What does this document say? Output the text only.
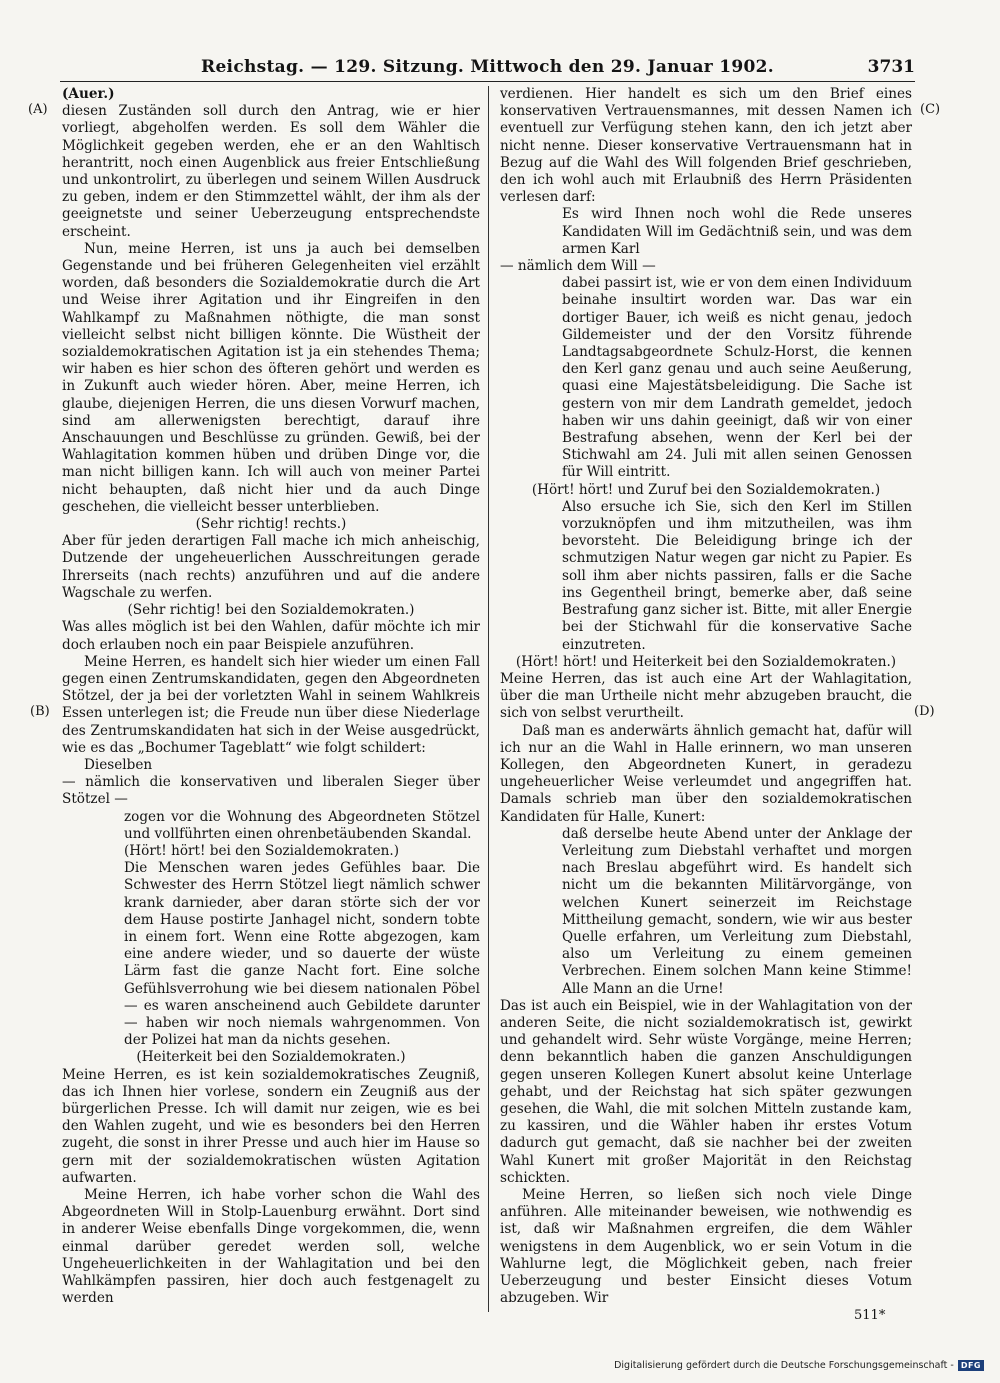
Reichstag. — 129. Sitzung. Mittwoch den 29. Januar 1902.	3731
(A)
(B)
(C)
(D)

(Auer.)

diesen Zuständen soll durch den Antrag, wie er hier vorliegt, abgeholfen werden. Es soll dem Wähler die Möglichkeit gegeben werden, ehe er an den Wahltisch herantritt, noch einen Augenblick aus freier Entschließung und unkontrolirt, zu überlegen und seinem Willen Ausdruck zu geben, indem er den Stimmzettel wählt, der ihm als der geeignetste und seiner Ueberzeugung entsprechendste erscheint.

Nun, meine Herren, ist uns ja auch bei demselben Gegenstande und bei früheren Gelegenheiten viel erzählt worden, daß besonders die Sozialdemokratie durch die Art und Weise ihrer Agitation und ihr Eingreifen in den Wahlkampf zu Maßnahmen nöthigte, die man sonst vielleicht selbst nicht billigen könnte. Die Wüstheit der sozialdemokratischen Agitation ist ja ein stehendes Thema; wir haben es hier schon des öfteren gehört und werden es in Zukunft auch wieder hören. Aber, meine Herren, ich glaube, diejenigen Herren, die uns diesen Vorwurf machen, sind am allerwenigsten berechtigt, darauf ihre Anschauungen und Beschlüsse zu gründen. Gewiß, bei der Wahlagitation kommen hüben und drüben Dinge vor, die man nicht billigen kann. Ich will auch von meiner Partei nicht behaupten, daß nicht hier und da auch Dinge geschehen, die vielleicht besser unterblieben.

(Sehr richtig! rechts.)

Aber für jeden derartigen Fall mache ich mich anheischig, Dutzende der ungeheuerlichen Ausschreitungen gerade Ihrerseits (nach rechts) anzuführen und auf die andere Wagschale zu werfen.

(Sehr richtig! bei den Sozialdemokraten.)

Was alles möglich ist bei den Wahlen, dafür möchte ich mir doch erlauben noch ein paar Beispiele anzuführen.

Meine Herren, es handelt sich hier wieder um einen Fall gegen einen Zentrumskandidaten, gegen den Abgeordneten Stötzel, der ja bei der vorletzten Wahl in seinem Wahlkreis Essen unterlegen ist; die Freude nun über diese Niederlage des Zentrumskandidaten hat sich in der Weise ausgedrückt, wie es das „Bochumer Tageblatt“ wie folgt schildert:

Dieselben

— nämlich die konservativen und liberalen Sieger über Stötzel —

zogen vor die Wohnung des Abgeordneten Stötzel und vollführten einen ohrenbetäubenden Skandal.

(Hört! hört! bei den Sozialdemokraten.)

Die Menschen waren jedes Gefühles baar. Die Schwester des Herrn Stötzel liegt nämlich schwer krank darnieder, aber daran störte sich der vor dem Hause postirte Janhagel nicht, sondern tobte in einem fort. Wenn eine Rotte abgezogen, kam eine andere wieder, und so dauerte der wüste Lärm fast die ganze Nacht fort. Eine solche Gefühlsverrohung wie bei diesem nationalen Pöbel — es waren anscheinend auch Gebildete darunter — haben wir noch niemals wahrgenommen. Von der Polizei hat man da nichts gesehen.

(Heiterkeit bei den Sozialdemokraten.)

Meine Herren, es ist kein sozialdemokratisches Zeugniß, das ich Ihnen hier vorlese, sondern ein Zeugniß aus der bürgerlichen Presse. Ich will damit nur zeigen, wie es bei den Wahlen zugeht, und wie es besonders bei den Herren zugeht, die sonst in ihrer Presse und auch hier im Hause so gern mit der sozialdemokratischen wüsten Agitation aufwarten.

Meine Herren, ich habe vorher schon die Wahl des Abgeordneten Will in Stolp-Lauenburg erwähnt. Dort sind in anderer Weise ebenfalls Dinge vorgekommen, die, wenn einmal darüber geredet werden soll, welche Ungeheuerlichkeiten in der Wahlagitation und bei den Wahlkämpfen passiren, hier doch auch festgenagelt zu werden

verdienen. Hier handelt es sich um den Brief eines konservativen Vertrauensmannes, mit dessen Namen ich eventuell zur Verfügung stehen kann, den ich jetzt aber nicht nenne. Dieser konservative Vertrauensmann hat in Bezug auf die Wahl des Will folgenden Brief geschrieben, den ich wohl auch mit Erlaubniß des Herrn Präsidenten verlesen darf:

Es wird Ihnen noch wohl die Rede unseres Kandidaten Will im Gedächtniß sein, und was dem armen Karl

— nämlich dem Will —

dabei passirt ist, wie er von dem einen Individuum beinahe insultirt worden war. Das war ein dortiger Bauer, ich weiß es nicht genau, jedoch Gildemeister und der den Vorsitz führende Landtagsabgeordnete Schulz-Horst, die kennen den Kerl ganz genau und auch seine Aeußerung, quasi eine Majestätsbeleidigung. Die Sache ist gestern von mir dem Landrath gemeldet, jedoch haben wir uns dahin geeinigt, daß wir von einer Bestrafung absehen, wenn der Kerl bei der Stichwahl am 24. Juli mit allen seinen Genossen für Will eintritt.

(Hört! hört! und Zuruf bei den Sozialdemokraten.)

Also ersuche ich Sie, sich den Kerl im Stillen vorzuknöpfen und ihm mitzutheilen, was ihm bevorsteht. Die Beleidigung bringe ich der schmutzigen Natur wegen gar nicht zu Papier. Es soll ihm aber nichts passiren, falls er die Sache ins Gegentheil bringt, bemerke aber, daß seine Bestrafung ganz sicher ist. Bitte, mit aller Energie bei der Stichwahl für die konservative Sache einzutreten.

(Hört! hört! und Heiterkeit bei den Sozialdemokraten.)

Meine Herren, das ist auch eine Art der Wahlagitation, über die man Urtheile nicht mehr abzugeben braucht, die sich von selbst verurtheilt.

Daß man es anderwärts ähnlich gemacht hat, dafür will ich nur an die Wahl in Halle erinnern, wo man unseren Kollegen, den Abgeordneten Kunert, in geradezu ungeheuerlicher Weise verleumdet und angegriffen hat. Damals schrieb man über den sozialdemokratischen Kandidaten für Halle, Kunert:

daß derselbe heute Abend unter der Anklage der Verleitung zum Diebstahl verhaftet und morgen nach Breslau abgeführt wird. Es handelt sich nicht um die bekannten Militärvorgänge, von welchen Kunert seinerzeit im Reichstage Mittheilung gemacht, sondern, wie wir aus bester Quelle erfahren, um Verleitung zum Diebstahl, also um Verleitung zu einem gemeinen Verbrechen. Einem solchen Mann keine Stimme! Alle Mann an die Urne!

Das ist auch ein Beispiel, wie in der Wahlagitation von der anderen Seite, die nicht sozialdemokratisch ist, gewirkt und gehandelt wird. Sehr wüste Vorgänge, meine Herren; denn bekanntlich haben die ganzen Anschuldigungen gegen unseren Kollegen Kunert absolut keine Unterlage gehabt, und der Reichstag hat sich später gezwungen gesehen, die Wahl, die mit solchen Mitteln zustande kam, zu kassiren, und die Wähler haben ihr erstes Votum dadurch gut gemacht, daß sie nachher bei der zweiten Wahl Kunert mit großer Majorität in den Reichstag schickten.

Meine Herren, so ließen sich noch viele Dinge anführen. Alle miteinander beweisen, wie nothwendig es ist, daß wir Maßnahmen ergreifen, die dem Wähler wenigstens in dem Augenblick, wo er sein Votum in die Wahlurne legt, die Möglichkeit geben, nach freier Ueberzeugung und bester Einsicht dieses Votum abzugeben. Wir

511*
Digitalisierung gefördert durch die Deutsche Forschungsgemeinschaft - DFG
